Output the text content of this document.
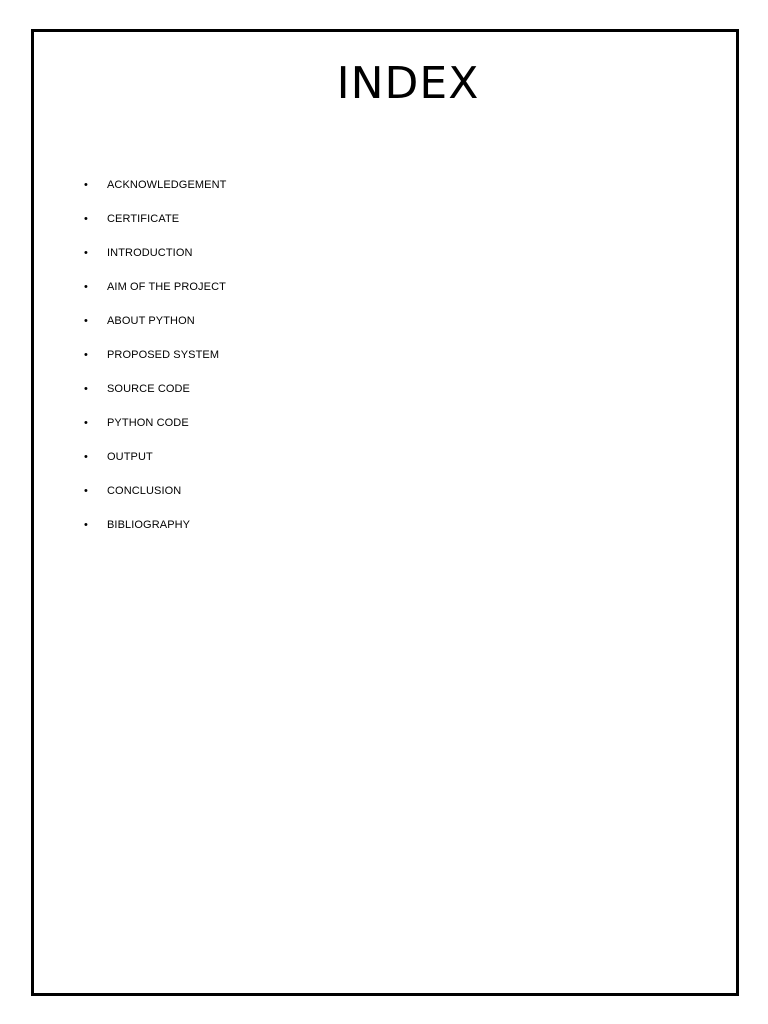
INDEX
•	ACKNOWLEDGEMENT
•	CERTIFICATE
•	INTRODUCTION
•	AIM OF THE PROJECT
•	ABOUT PYTHON
•	PROPOSED SYSTEM
•	SOURCE CODE
•	PYTHON CODE
•	OUTPUT
•	CONCLUSION
•	BIBLIOGRAPHY
